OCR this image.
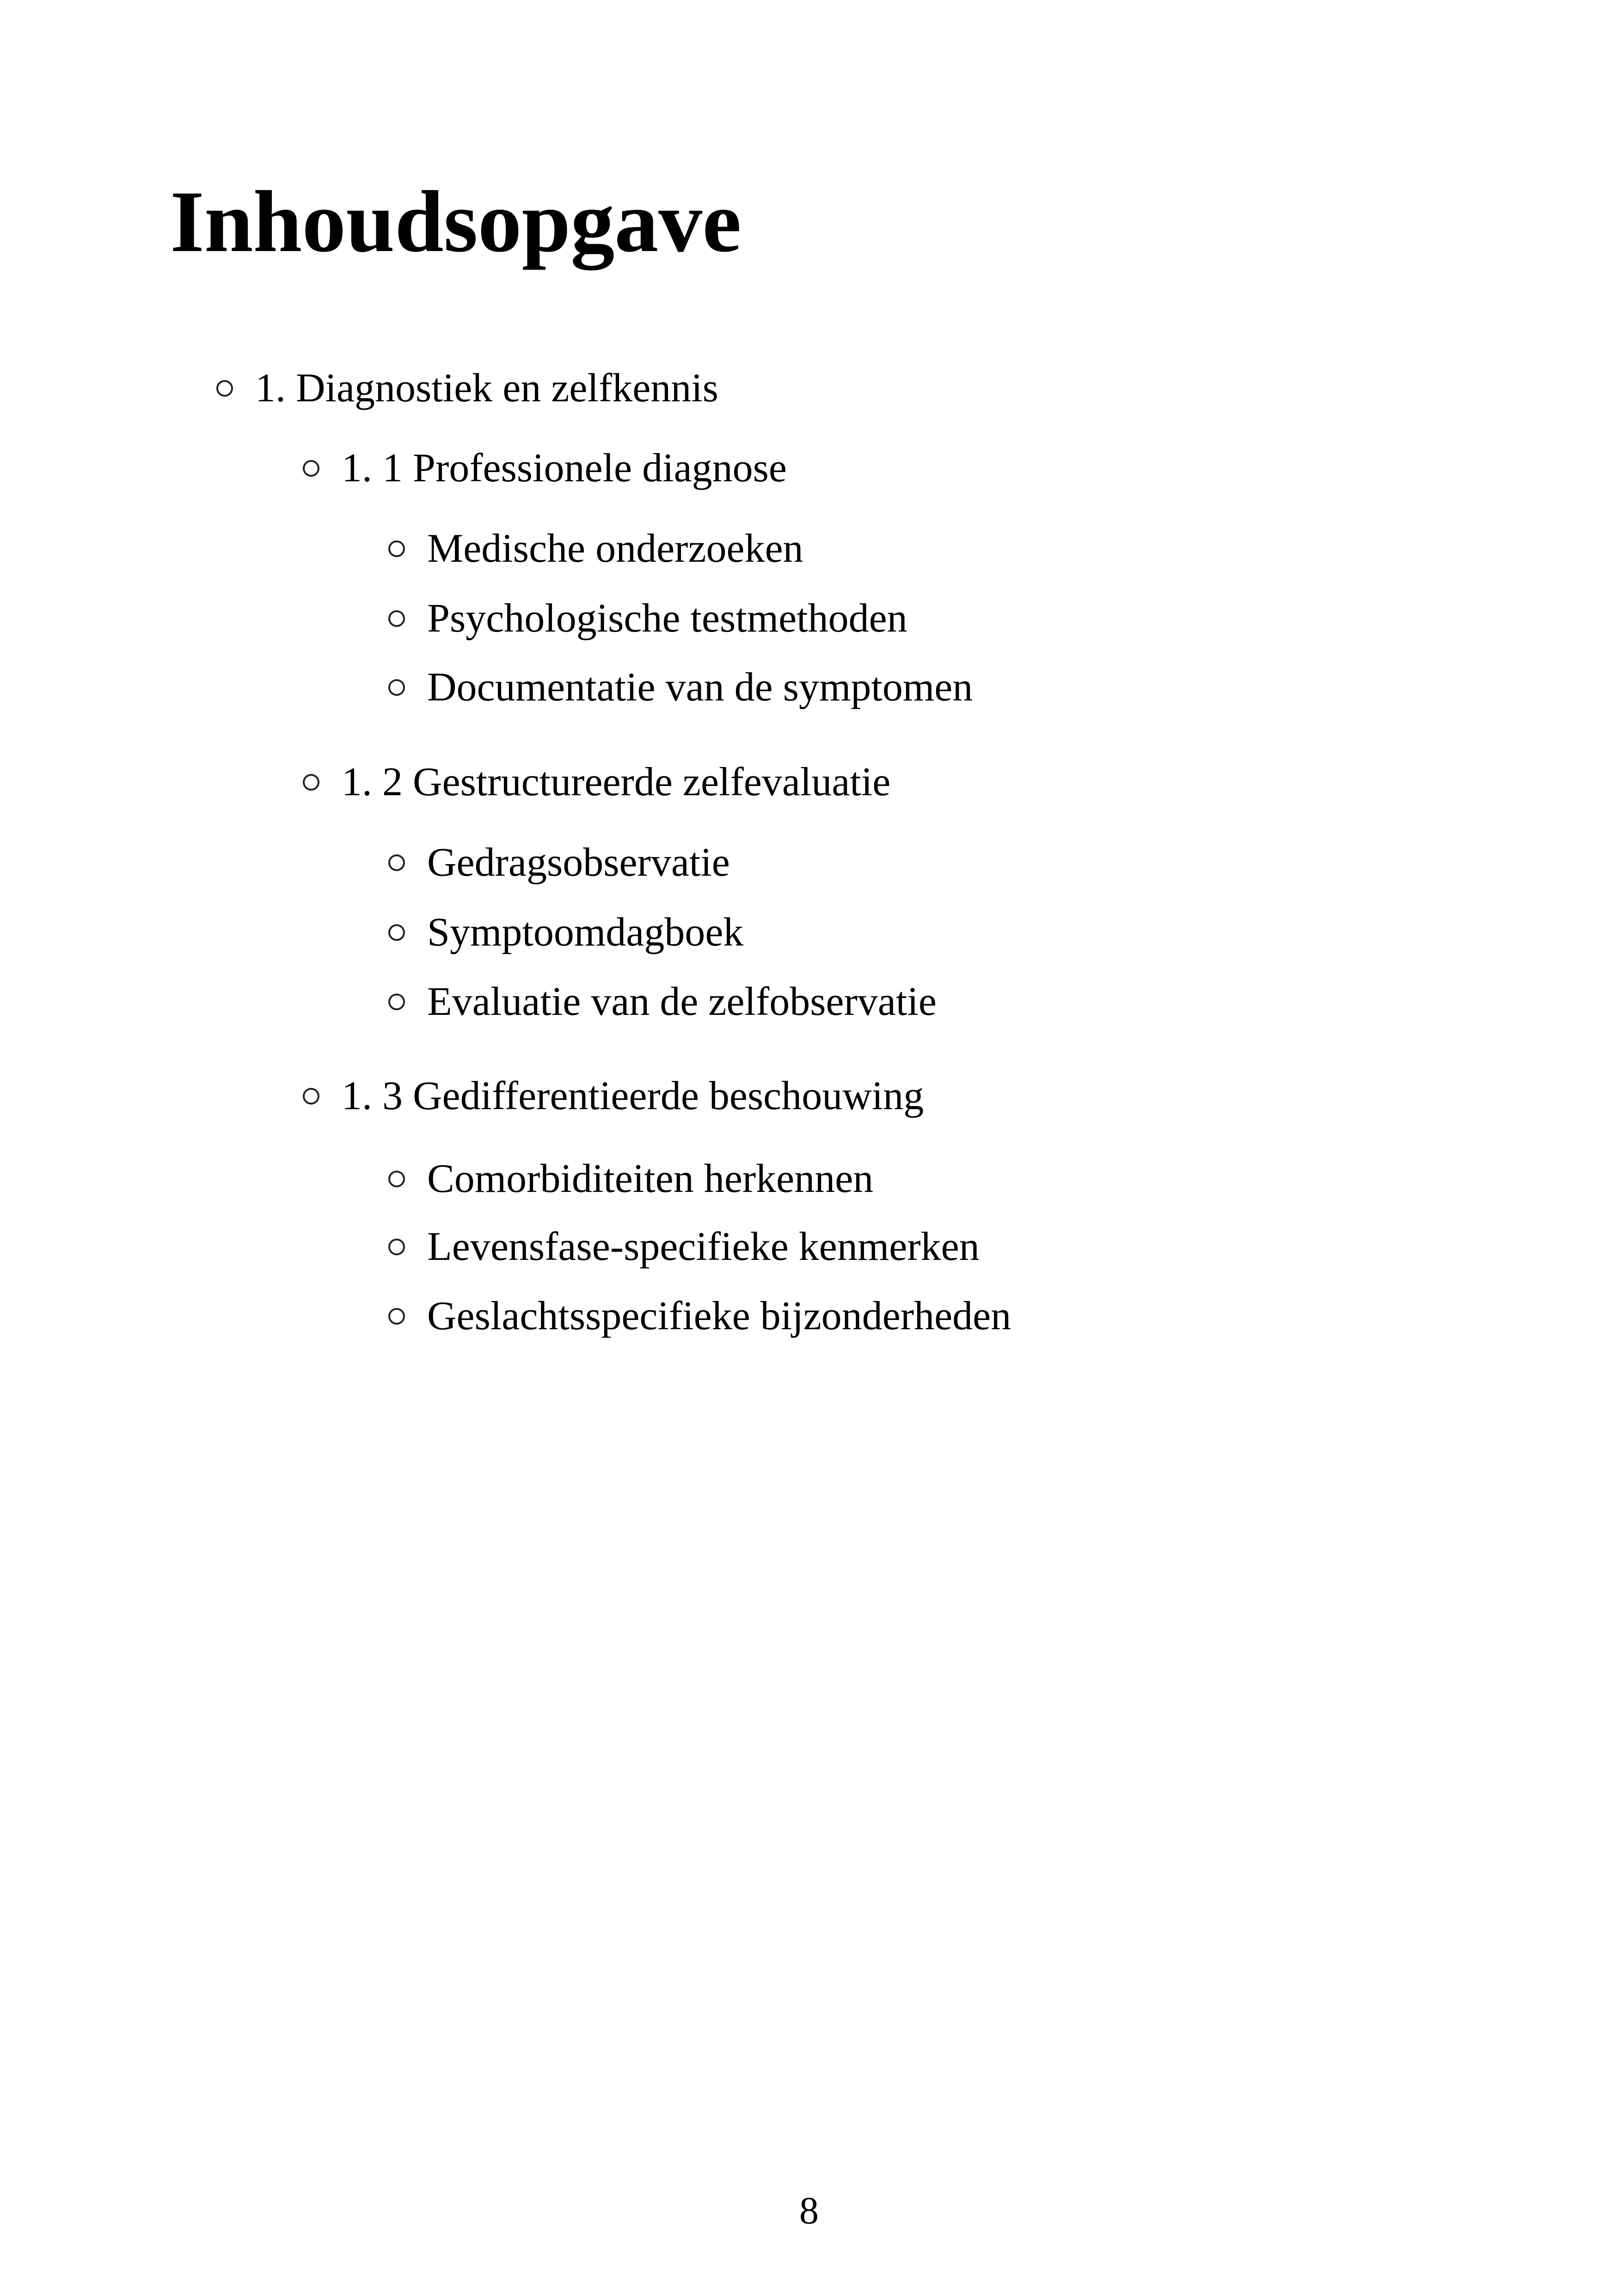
Inhoudsopgave
1. Diagnostiek en zelfkennis
1. 1 Professionele diagnose
Medische onderzoeken
Psychologische testmethoden
Documentatie van de symptomen
1. 2 Gestructureerde zelfevaluatie
Gedragsobservatie
Symptoomdagboek
Evaluatie van de zelfobservatie
1. 3 Gedifferentieerde beschouwing
Comorbiditeiten herkennen
Levensfase-specifieke kenmerken
Geslachtsspecifieke bijzonderheden
8
